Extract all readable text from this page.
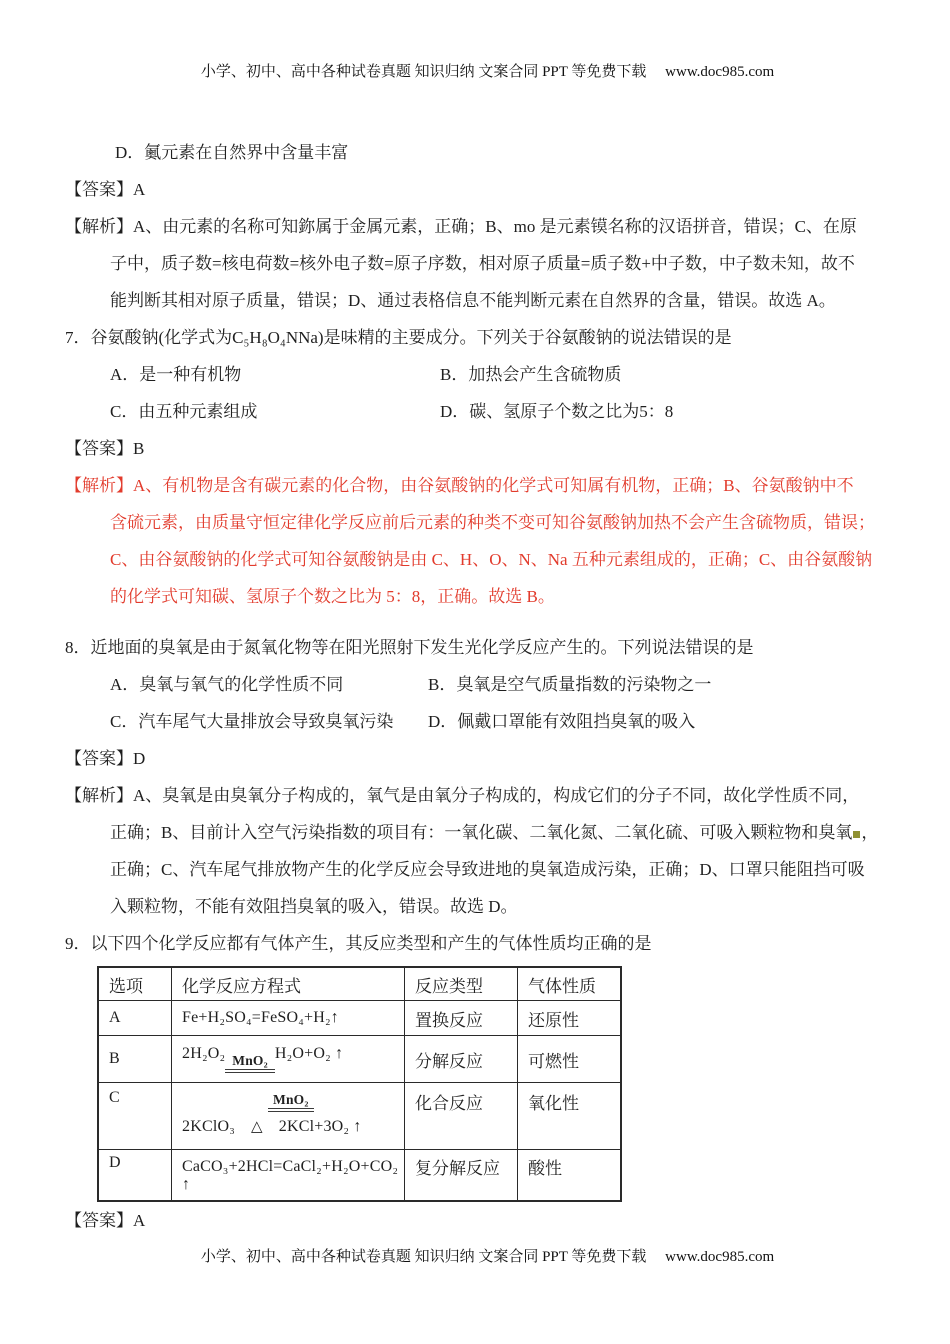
小学、初中、高中各种试卷真题 知识归纳 文案合同 PPT 等免费下载　 www.doc985.com
D．鿫元素在自然界中含量丰富
【答案】A
【解析】A、由元素的名称可知鉨属于金属元素，正确；B、mo 是元素镆名称的汉语拼音，错误；C、在原
子中，质子数=核电荷数=核外电子数=原子序数，相对原子质量=质子数+中子数，中子数未知，故不
能判断其相对原子质量，错误；D、通过表格信息不能判断元素在自然界的含量，错误。故选 A。
7．谷氨酸钠(化学式为C₅H₈O₄NNa)是味精的主要成分。下列关于谷氨酸钠的说法错误的是
A．是一种有机物	B．加热会产生含硫物质
C．由五种元素组成	D．碳、氢原子个数之比为5：8
【答案】B
【解析】A、有机物是含有碳元素的化合物，由谷氨酸钠的化学式可知属有机物，正确；B、谷氨酸钠中不
含硫元素，由质量守恒定律化学反应前后元素的种类不变可知谷氨酸钠加热不会产生含硫物质，错误；
C、由谷氨酸钠的化学式可知谷氨酸钠是由 C、H、O、N、Na 五种元素组成的，正确；C、由谷氨酸钠
的化学式可知碳、氢原子个数之比为 5：8，正确。故选 B。
8．近地面的臭氧是由于氮氧化物等在阳光照射下发生光化学反应产生的。下列说法错误的是
A．臭氧与氧气的化学性质不同	B．臭氧是空气质量指数的污染物之一
C．汽车尾气大量排放会导致臭氧污染	D．佩戴口罩能有效阻挡臭氧的吸入
【答案】D
【解析】A、臭氧是由臭氧分子构成的，氧气是由氧分子构成的，构成它们的分子不同，故化学性质不同，
正确；B、目前计入空气污染指数的项目有：一氧化碳、二氧化氮、二氧化硫、可吸入颗粒物和臭氧 ，
正确；C、汽车尾气排放物产生的化学反应会导致进地的臭氧造成污染，正确；D、口罩只能阻挡可吸
入颗粒物，不能有效阻挡臭氧的吸入，错误。故选 D。
9．以下四个化学反应都有气体产生，其反应类型和产生的气体性质均正确的是
选项	化学反应方程式	反应类型	气体性质
A	Fe+H₂SO₄=FeSO₄+H₂↑	置换反应	还原性
B	2H₂O₂ MnO₂ H₂O+O₂ ↑	分解反应	可燃性
C	MnO₂
2KClO₃ △ 2KCl+3O₂ ↑	化合反应	氧化性
D	CaCO₃+2HCl=CaCl₂+H₂O+CO₂
↑	复分解反应	酸性
【答案】A
小学、初中、高中各种试卷真题 知识归纳 文案合同 PPT 等免费下载　 www.doc985.com
